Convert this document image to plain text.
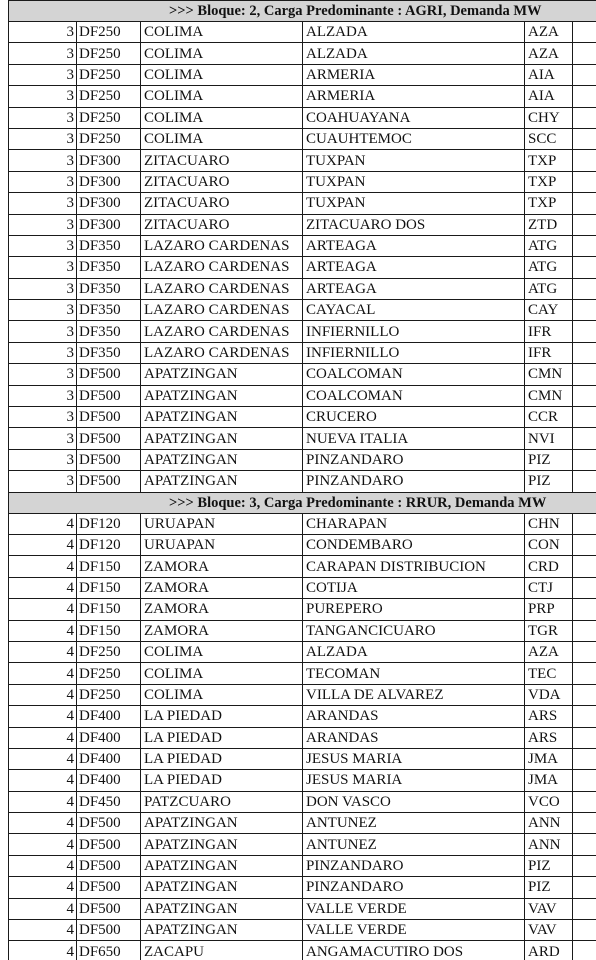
>>> Bloque: 2, Carga Predominante : AGRI, Demanda MW					
3	DF250	COLIMA	ALZADA	AZA	
3	DF250	COLIMA	ALZADA	AZA	
3	DF250	COLIMA	ARMERIA	AIA	
3	DF250	COLIMA	ARMERIA	AIA	
3	DF250	COLIMA	COAHUAYANA	CHY	
3	DF250	COLIMA	CUAUHTEMOC	SCC	
3	DF300	ZITACUARO	TUXPAN	TXP	
3	DF300	ZITACUARO	TUXPAN	TXP	
3	DF300	ZITACUARO	TUXPAN	TXP	
3	DF300	ZITACUARO	ZITACUARO DOS	ZTD	
3	DF350	LAZARO CARDENAS	ARTEAGA	ATG	
3	DF350	LAZARO CARDENAS	ARTEAGA	ATG	
3	DF350	LAZARO CARDENAS	ARTEAGA	ATG	
3	DF350	LAZARO CARDENAS	CAYACAL	CAY	
3	DF350	LAZARO CARDENAS	INFIERNILLO	IFR	
3	DF350	LAZARO CARDENAS	INFIERNILLO	IFR	
3	DF500	APATZINGAN	COALCOMAN	CMN	
3	DF500	APATZINGAN	COALCOMAN	CMN	
3	DF500	APATZINGAN	CRUCERO	CCR	
3	DF500	APATZINGAN	NUEVA ITALIA	NVI	
3	DF500	APATZINGAN	PINZANDARO	PIZ	
3	DF500	APATZINGAN	PINZANDARO	PIZ	
>>> Bloque: 3, Carga Predominante : RRUR, Demanda MW					
4	DF120	URUAPAN	CHARAPAN	CHN	
4	DF120	URUAPAN	CONDEMBARO	CON	
4	DF150	ZAMORA	CARAPAN DISTRIBUCION	CRD	
4	DF150	ZAMORA	COTIJA	CTJ	
4	DF150	ZAMORA	PUREPERO	PRP	
4	DF150	ZAMORA	TANGANCICUARO	TGR	
4	DF250	COLIMA	ALZADA	AZA	
4	DF250	COLIMA	TECOMAN	TEC	
4	DF250	COLIMA	VILLA DE ALVAREZ	VDA	
4	DF400	LA PIEDAD	ARANDAS	ARS	
4	DF400	LA PIEDAD	ARANDAS	ARS	
4	DF400	LA PIEDAD	JESUS MARIA	JMA	
4	DF400	LA PIEDAD	JESUS MARIA	JMA	
4	DF450	PATZCUARO	DON VASCO	VCO	
4	DF500	APATZINGAN	ANTUNEZ	ANN	
4	DF500	APATZINGAN	ANTUNEZ	ANN	
4	DF500	APATZINGAN	PINZANDARO	PIZ	
4	DF500	APATZINGAN	PINZANDARO	PIZ	
4	DF500	APATZINGAN	VALLE VERDE	VAV	
4	DF500	APATZINGAN	VALLE VERDE	VAV	
4	DF650	ZACAPU	ANGAMACUTIRO DOS	ARD	
